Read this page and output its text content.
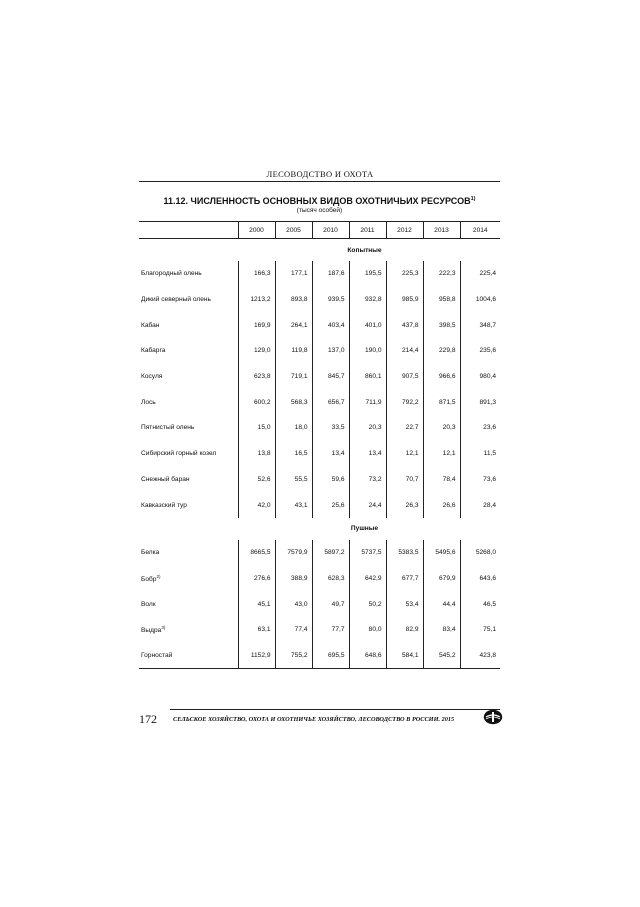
ЛЕСОВОДСТВО И ОХОТА
11.12. ЧИСЛЕННОСТЬ ОСНОВНЫХ ВИДОВ ОХОТНИЧЬИХ РЕСУРСОВ$^{1)}$
(тысяч особей)
	2000	2005	2010	2011	2012	2013	2014
Копытные							
Благородный олень	166,3	177,1	187,6	195,5	225,3	222,3	225,4
Дикий северный олень	1213,2	893,8	939,5	932,8	985,9	958,8	1004,6
Кабан	169,9	264,1	403,4	401,0	437,8	398,5	348,7
Кабарга	129,0	119,8	137,0	190,0	214,4	229,8	235,6
Косуля	623,8	719,1	845,7	860,1	907,5	966,6	980,4
Лось	600,2	568,3	656,7	711,9	792,2	871,5	891,3
Пятнистый олень	15,0	18,0	33,5	20,3	22,7	20,3	23,6
Сибирский горный козел	13,8	16,5	13,4	13,4	12,1	12,1	11,5
Снежный баран	52,6	55,5	59,6	73,2	70,7	78,4	73,6
Кавказский тур	42,0	43,1	25,6	24,4	26,3	26,6	28,4
Пушные							
Белка	8665,5	7579,9	5897,2	5737,5	5383,5	5495,6	5268,0
Бобр$^{2)}$	276,6	388,9	628,3	642,9	677,7	679,9	643,6
Волк	45,1	43,0	49,7	50,2	53,4	44,4	46,5
Выдра$^{3)}$	63,1	77,4	77,7	80,0	82,9	83,4	75,1
Горностай	1152,9	755,2	695,5	648,6	584,1	545,2	423,8
172	СЕЛЬСКОЕ ХОЗЯЙСТВО, ОХОТА И ОХОТНИЧЬЕ ХОЗЯЙСТВО, ЛЕСОВОДСТВО В РОССИИ. 2015
